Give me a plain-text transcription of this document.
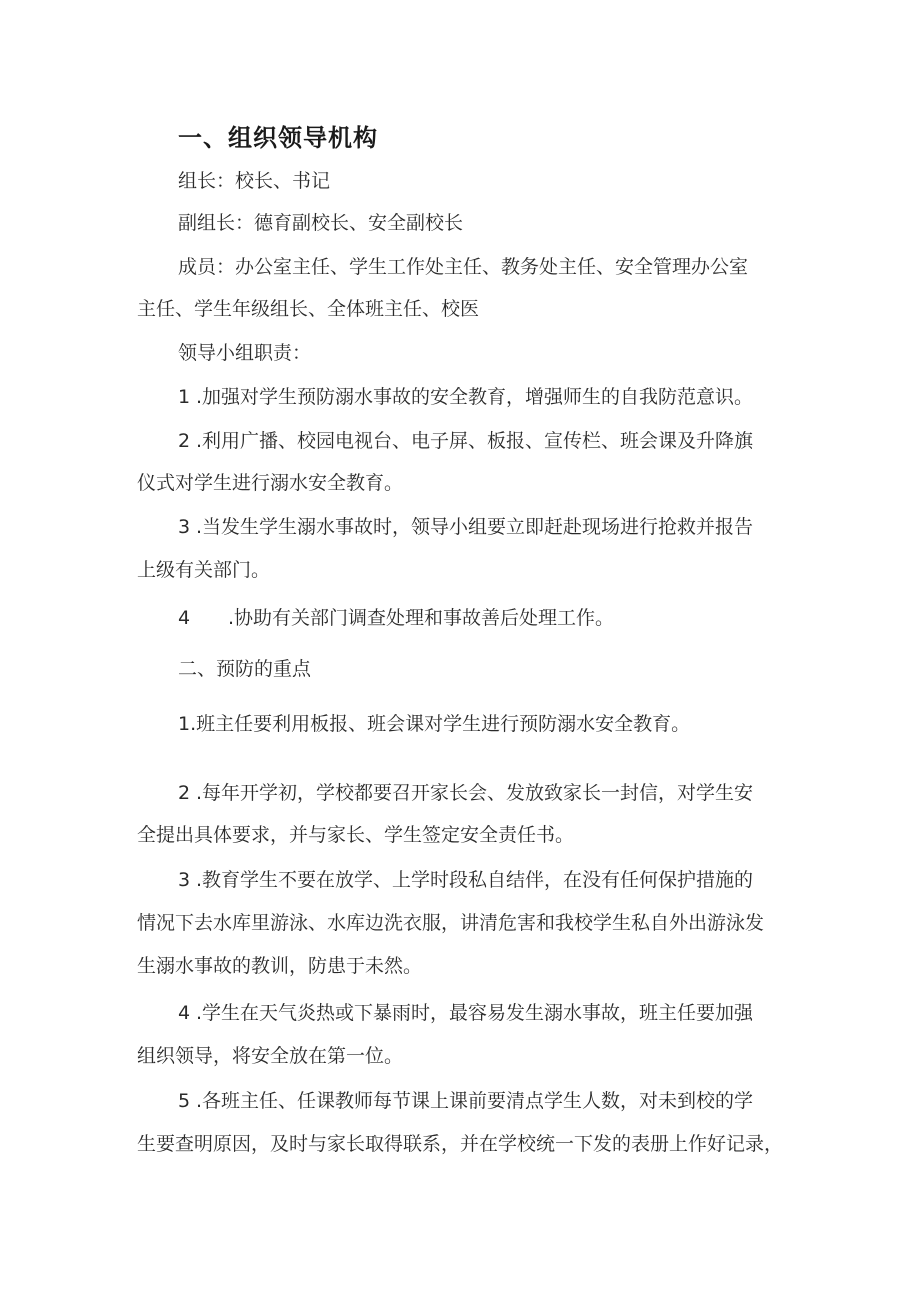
一、组织领导机构
组长：校长、书记
副组长：德育副校长、安全副校长
成员：办公室主任、学生工作处主任、教务处主任、安全管理办公室
主任、学生年级组长、全体班主任、校医
领导小组职责：
1 .加强对学生预防溺水事故的安全教育，增强师生的自我防范意识。
2 .利用广播、校园电视台、电子屏、板报、宣传栏、班会课及升降旗
仪式对学生进行溺水安全教育。
3 .当发生学生溺水事故时，领导小组要立即赶赴现场进行抢救并报告
上级有关部门。
4 .协助有关部门调查处理和事故善后处理工作。
二、预防的重点
1.班主任要利用板报、班会课对学生进行预防溺水安全教育。
2 .每年开学初，学校都要召开家长会、发放致家长一封信，对学生安
全提出具体要求，并与家长、学生签定安全责任书。
3 .教育学生不要在放学、上学时段私自结伴，在没有任何保护措施的
情况下去水库里游泳、水库边洗衣服，讲清危害和我校学生私自外出游泳发
生溺水事故的教训，防患于未然。
4 .学生在天气炎热或下暴雨时，最容易发生溺水事故，班主任要加强
组织领导，将安全放在第一位。
5 .各班主任、任课教师每节课上课前要清点学生人数，对未到校的学
生要查明原因，及时与家长取得联系，并在学校统一下发的表册上作好记录，
